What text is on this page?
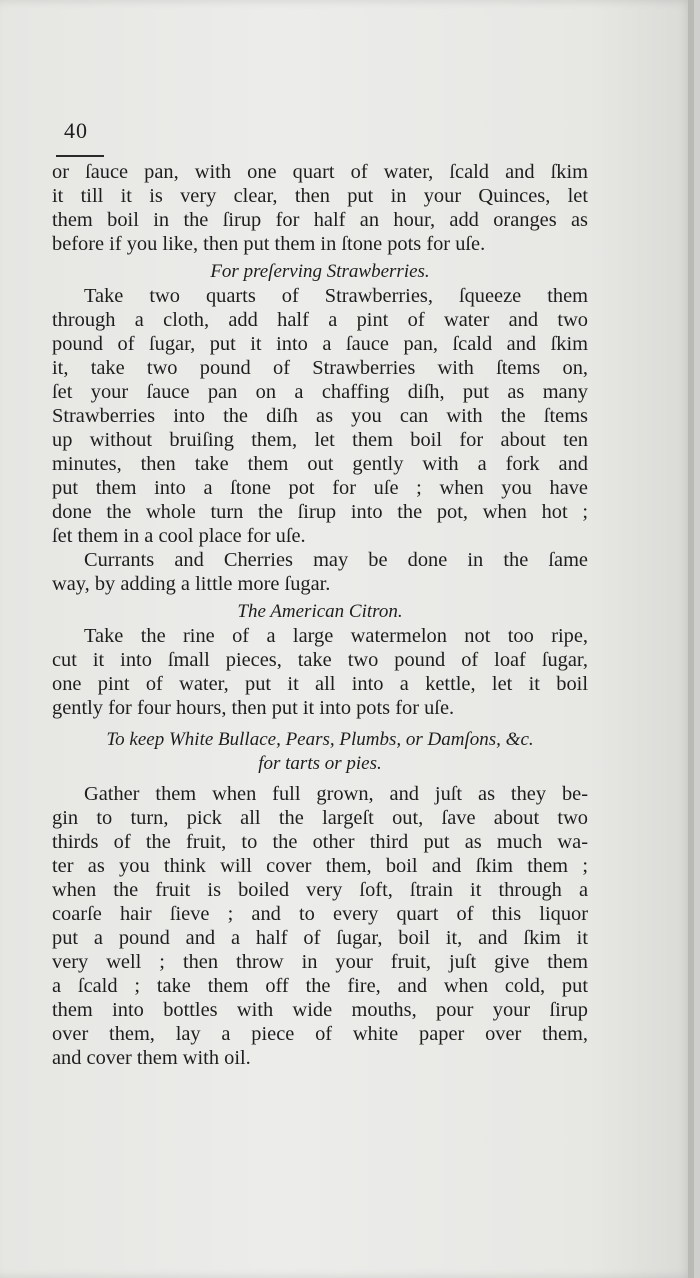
40
or ſauce pan, with one quart of water, ſcald and ſkim
it till it is very clear, then put in your Quinces, let
them boil in the ſirup for half an hour, add oranges as
before if you like, then put them in ſtone pots for uſe.
For preſerving Strawberries.
Take two quarts of Strawberries, ſqueeze them
through a cloth, add half a pint of water and two
pound of ſugar, put it into a ſauce pan, ſcald and ſkim
it, take two pound of Strawberries with ſtems on,
ſet your ſauce pan on a chaffing diſh, put as many
Strawberries into the diſh as you can with the ſtems
up without bruiſing them, let them boil for about ten
minutes, then take them out gently with a fork and
put them into a ſtone pot for uſe ; when you have
done the whole turn the ſirup into the pot, when hot ;
ſet them in a cool place for uſe.
Currants and Cherries may be done in the ſame
way, by adding a little more ſugar.
The American Citron.
Take the rine of a large watermelon not too ripe,
cut it into ſmall pieces, take two pound of loaf ſugar,
one pint of water, put it all into a kettle, let it boil
gently for four hours, then put it into pots for uſe.
To keep White Bullace, Pears, Plumbs, or Damſons, &c.
for tarts or pies.
Gather them when full grown, and juſt as they be-
gin to turn, pick all the largeſt out, ſave about two
thirds of the fruit, to the other third put as much wa-
ter as you think will cover them, boil and ſkim them ;
when the fruit is boiled very ſoft, ſtrain it through a
coarſe hair ſieve ; and to every quart of this liquor
put a pound and a half of ſugar, boil it, and ſkim it
very well ; then throw in your fruit, juſt give them
a ſcald ; take them off the fire, and when cold, put
them into bottles with wide mouths, pour your ſirup
over them, lay a piece of white paper over them,
and cover them with oil.
